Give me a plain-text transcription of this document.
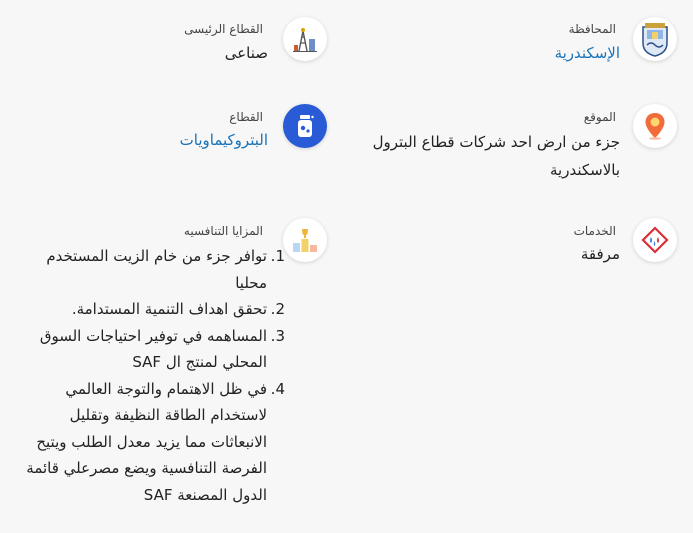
المحافظة
الإسكندرية
القطاع الرئيسى
صناعى
الموقع
جزء من ارض احد شركات قطاع البترول بالاسكندرية
القطاع
البتروكيماويات
الخدمات
مرفقة
المزايا التنافسيه
1.
توافر جزء من خام الزيت المستخدم محليا
2.
تحقق اهداف التنمية المستدامة.
3.
المساهمه في توفير احتياجات السوق المحلي لمنتج ال SAF
4.
في ظل الاهتمام والتوجة العالمي لاستخدام الطاقة النظيفة وتقليل الانبعاثات مما يزيد معدل الطلب ويتيح الفرصة التنافسية ويضع مصرعلي قائمة الدول المصنعة SAF
